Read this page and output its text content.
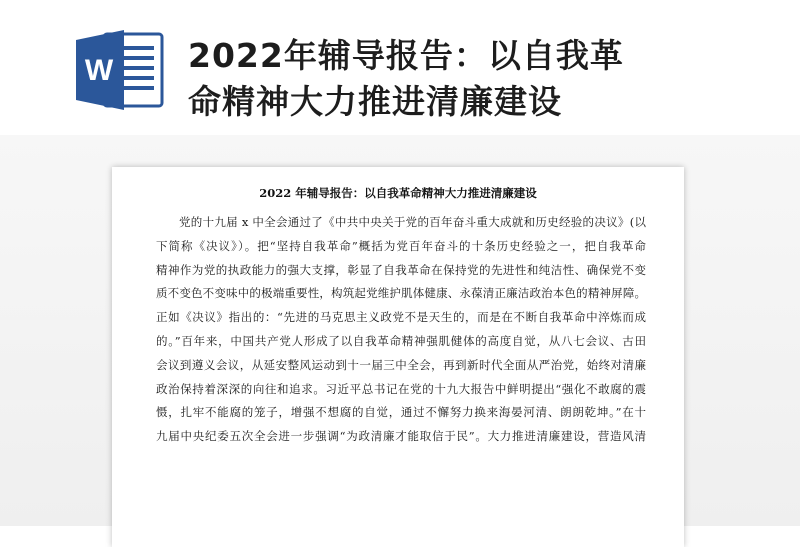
W 2022年辅导报告：以自我革
命精神大力推进清廉建设
2022 年辅导报告：以自我革命精神大力推进清廉建设
党的十九届 x 中全会通过了《中共中央关于党的百年奋斗重大成就和历史经验的决议》(以
下简称《决议》）。把“坚持自我革命”概括为党百年奋斗的十条历史经验之一，把自我革命
精神作为党的执政能力的强大支撑，彰显了自我革命在保持党的先进性和纯洁性、确保党不变
质不变色不变味中的极端重要性，构筑起党维护肌体健康、永葆清正廉洁政治本色的精神屏障。
正如《决议》指出的：“先进的马克思主义政党不是天生的，而是在不断自我革命中淬炼而成
的。”百年来，中国共产党人形成了以自我革命精神强肌健体的高度自觉，从八七会议、古田
会议到遵义会议，从延安整风运动到十一届三中全会，再到新时代全面从严治党，始终对清廉
政治保持着深深的向往和追求。习近平总书记在党的十九大报告中鲜明提出“强化不敢腐的震
慑，扎牢不能腐的笼子，增强不想腐的自觉，通过不懈努力换来海晏河清、朗朗乾坤。”在十
九届中央纪委五次全会进一步强调“为政清廉才能取信于民”。大力推进清廉建设，营造风清
